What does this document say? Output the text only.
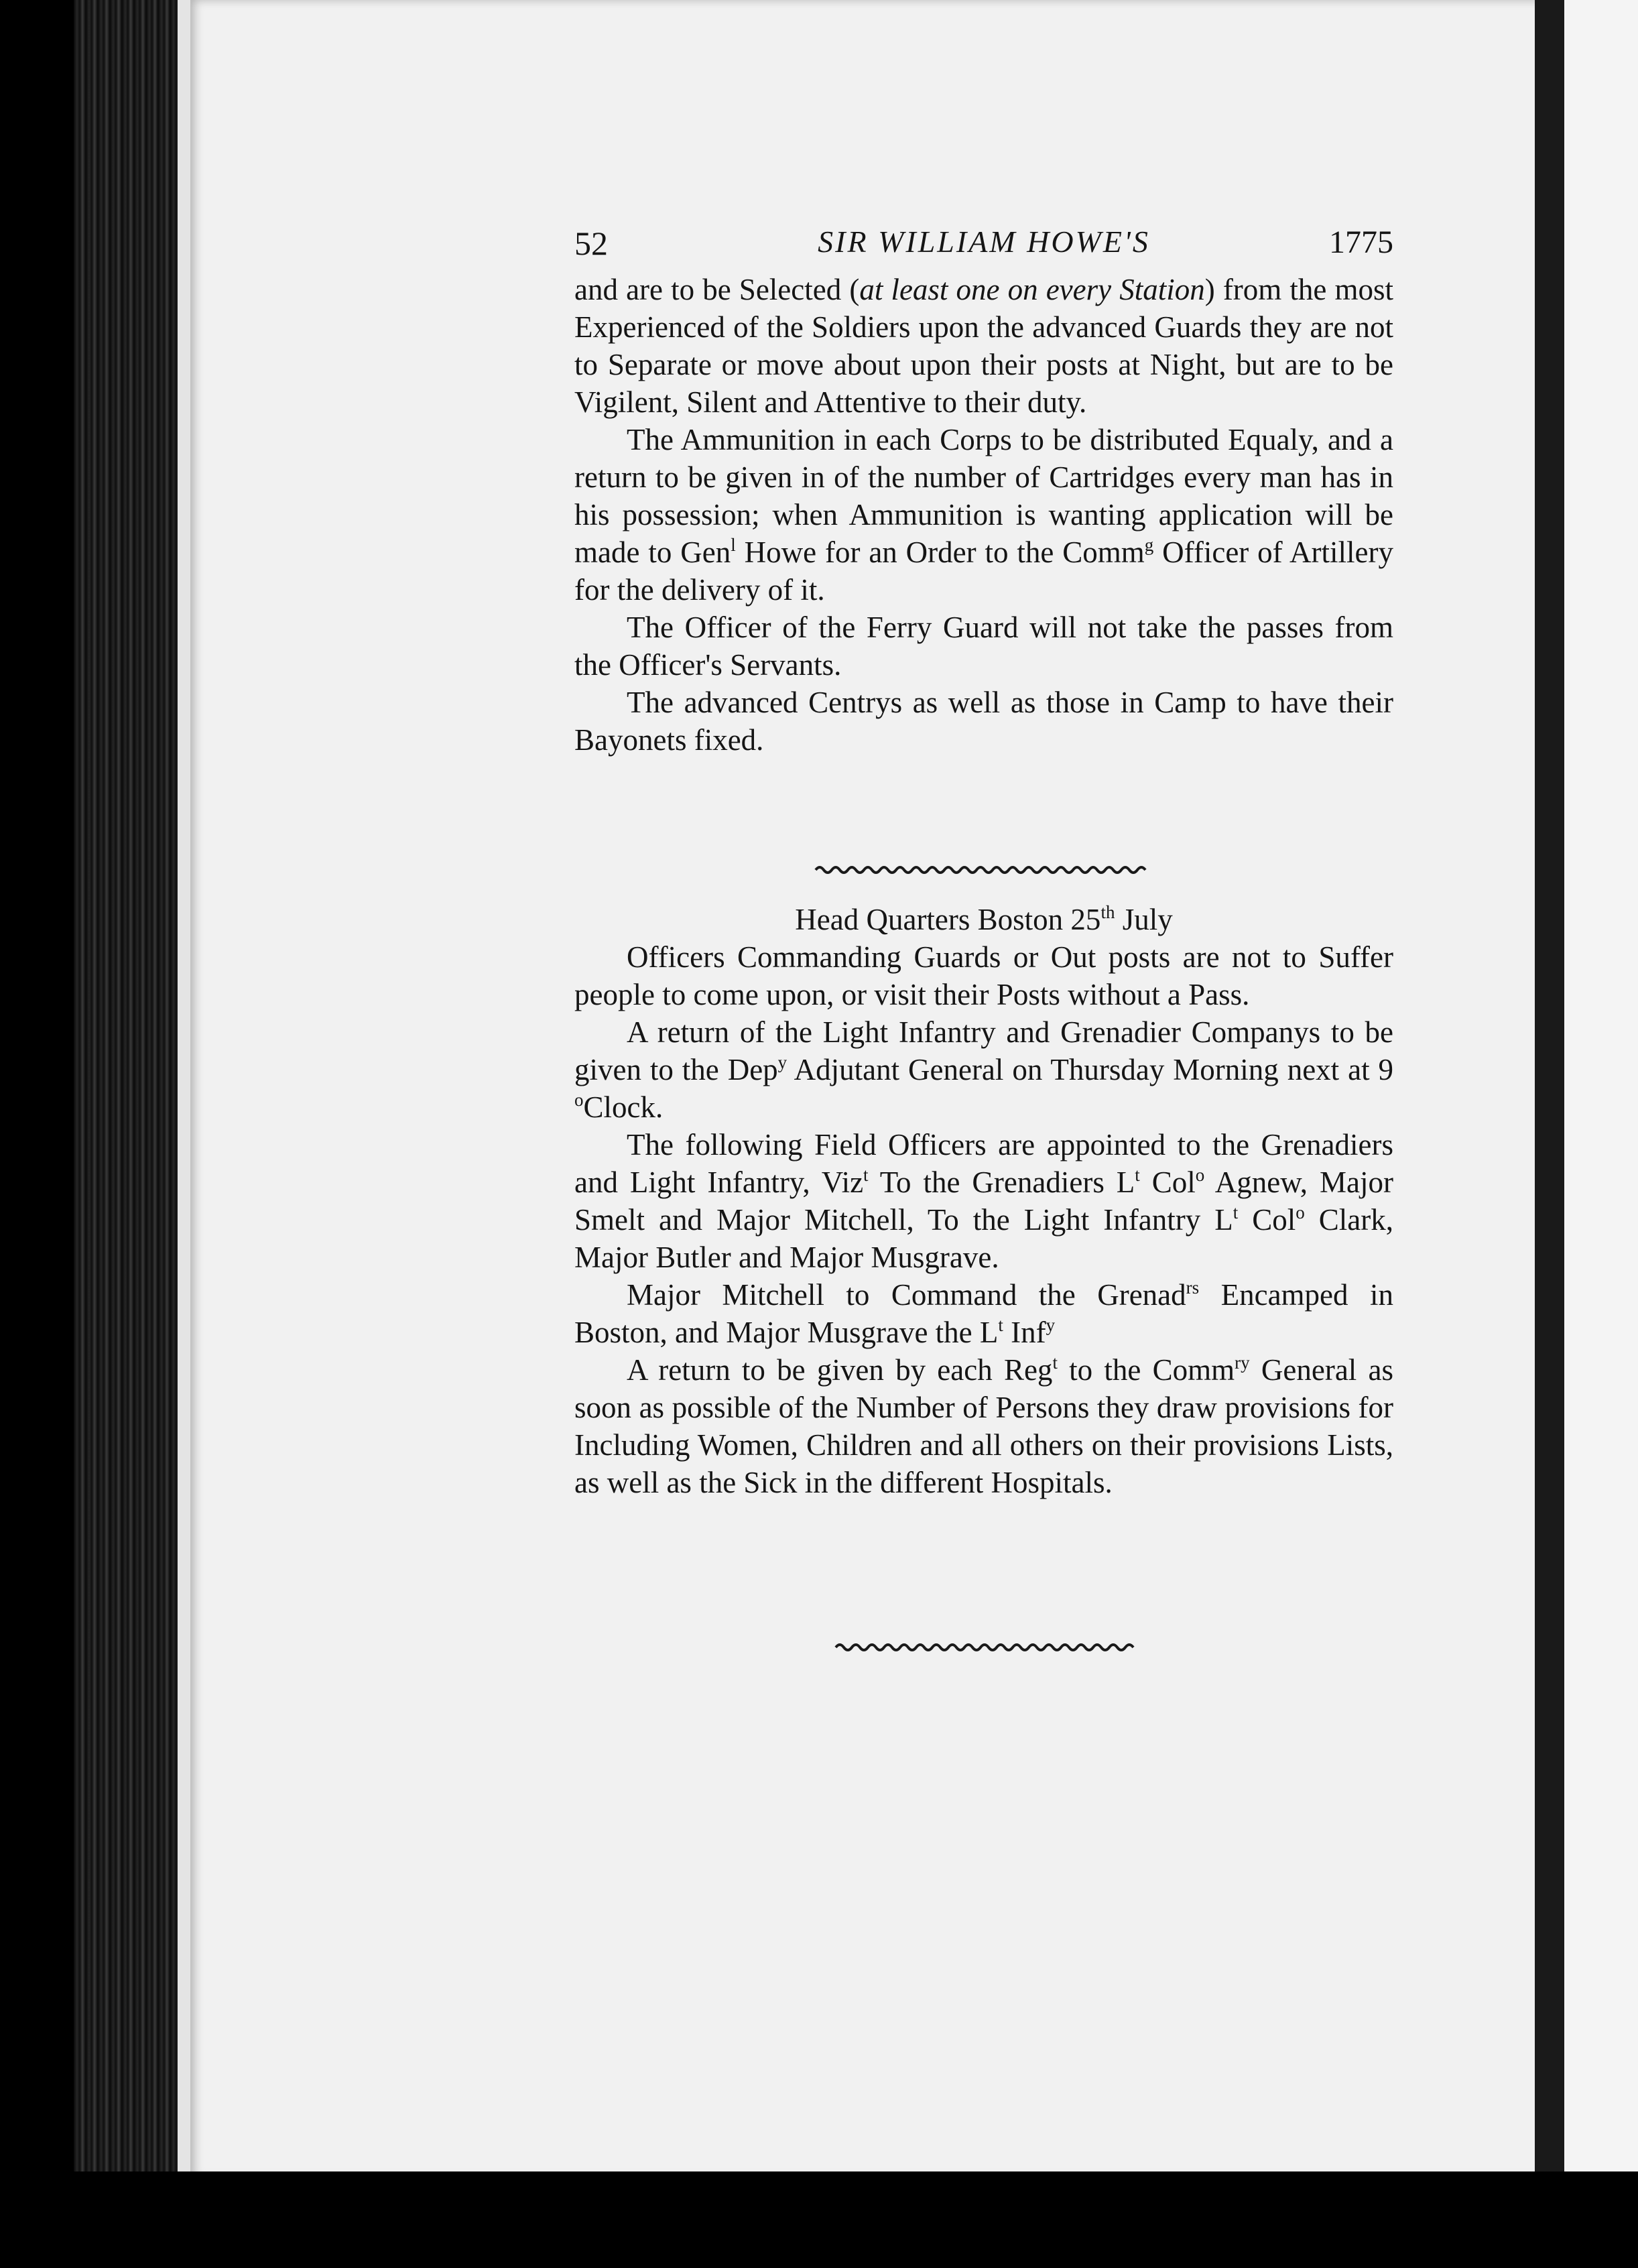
52	SIR WILLIAM HOWE'S	1775

and are to be Selected (at least one on every Station) from the most Experienced of the Soldiers upon the advanced Guards they are not to Separate or move about upon their posts at Night, but are to be Vigilent, Silent and Attentive to their duty.

The Ammunition in each Corps to be distributed Equaly, and a return to be given in of the number of Cartridges every man has in his possession; when Ammunition is wanting application will be made to Gen$^l$ Howe for an Order to the Comm$^g$ Officer of Artillery for the delivery of it.

The Officer of the Ferry Guard will not take the passes from the Officer's Servants.

The advanced Centrys as well as those in Camp to have their Bayonets fixed.

Head Quarters Boston 25th July

Officers Commanding Guards or Out posts are not to Suffer people to come upon, or visit their Posts without a Pass.

A return of the Light Infantry and Grenadier Companys to be given to the Dep$^y$ Adjutant General on Thursday Morning next at 9 $^o$Clock.

The following Field Officers are appointed to the Grenadiers and Light Infantry, Viz$^t$ To the Grenadiers $L^t$ Col$^o$ Agnew, Major Smelt and Major Mitchell, To the Light Infantry $L^t$ Col$^o$ Clark, Major Butler and Major Musgrave.

Major Mitchell to Command the Grenad$^{rs}$ Encamped in Boston, and Major Musgrave the $L^t$ Inf$^y$

A return to be given by each Reg$^t$ to the Comm$^{ry}$ General as soon as possible of the Number of Persons they draw provisions for Including Women, Children and all others on their provisions Lists, as well as the Sick in the different Hospitals.
